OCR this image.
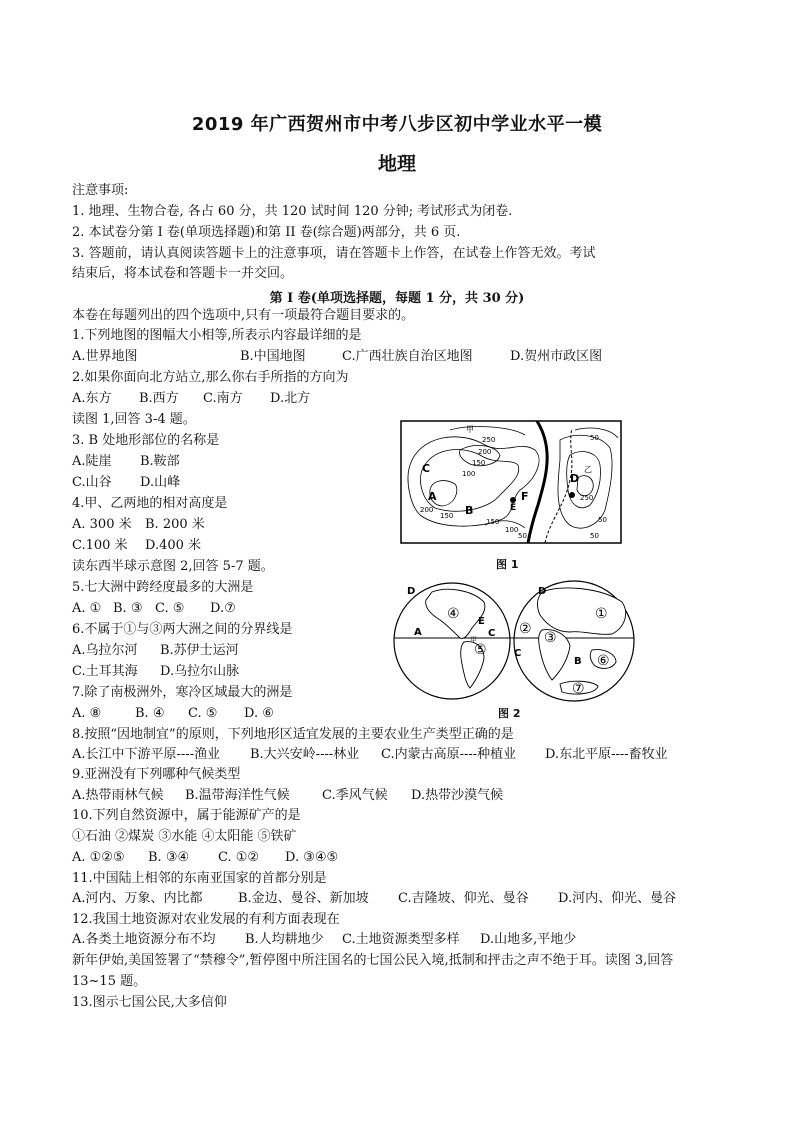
2019 年广西贺州市中考八步区初中学业水平一模
地理
注意事项:
1. 地理、生物合卷, 各占 60 分，共 120 试时间 120 分钟; 考试形式为闭卷.
2. 本试卷分第 I 卷(单项选择题)和第 II 卷(综合题)两部分，共 6 页.
3. 答题前，请认真阅读答题卡上的注意事项，请在答题卡上作答，在试卷上作答无效。考试
结束后，将本试卷和答题卡一并交回。
第 I 卷(单项选择题，每题 1 分，共 30 分)
本卷在每题列出的四个选项中,只有一项最符合题目要求的。
1.下列地图的图幅大小相等,所表示内容最详细的是
A.世界地图	B.中国地图	C.广西壮族自治区地图	D.贺州市政区图
2.如果你面向北方站立,那么你右手所指的方向为
A.东方 B.西方 C.南方 D.北方
读图 1,回答 3-4 题。
3. B 处地形部位的名称是
A.陡崖 B.鞍部
C.山谷 D.山峰
4.甲、乙两地的相对高度是
A. 300 米 B. 200 米
C.100 米 D.400 米
读东西半球示意图 2,回答 5-7 题。
5.七大洲中跨经度最多的大洲是
A. ① B. ③ C. ⑤ D.⑦
6.不属于①与③两大洲之间的分界线是
A.乌拉尔河 B.苏伊士运河
C.土耳其海 D.乌拉尔山脉
7.除了南极洲外，寒冷区域最大的洲是
A. ⑧	B. ④ C. ⑤ D. ⑥
8.按照“因地制宜”的原则，下列地形区适宜发展的主要农业生产类型正确的是
A.长江中下游平原----渔业 B.大兴安岭----林业 C.内蒙古高原----种植业 D.东北平原----畜牧业
9.亚洲没有下列哪种气候类型
A.热带雨林气候 B.温带海洋性气候 C.季风气候 D.热带沙漠气候
10.下列自然资源中，属于能源矿产的是
①石油 ②煤炭 ③水能 ④太阳能 ⑤铁矿
A. ①②⑤ B. ③④ C. ①② D. ③④⑤
11.中国陆上相邻的东南亚国家的首都分别是
A.河内、万象、内比都	B.金边、曼谷、新加坡 C.吉隆坡、仰光、曼谷 D.河内、仰光、曼谷
12.我国土地资源对农业发展的有利方面表现在
A.各类土地资源分布不均 B.人均耕地少 C.土地资源类型多样 D.山地多,平地少
新年伊始,美国签署了“禁穆令”,暂停图中所注国名的七国公民入境,抵制和抨击之声不绝于耳。读图 3,回答
13~15 题。
13.图示七国公民,大多信仰
甲
乙
A
B
C
D
E
F
250
200
150
100
50
200
150
150
100
50
50
250
50
图 1
甲
D
A
E
C
D
C
B
①
②
③
④
⑤
⑥
⑦
图 2
